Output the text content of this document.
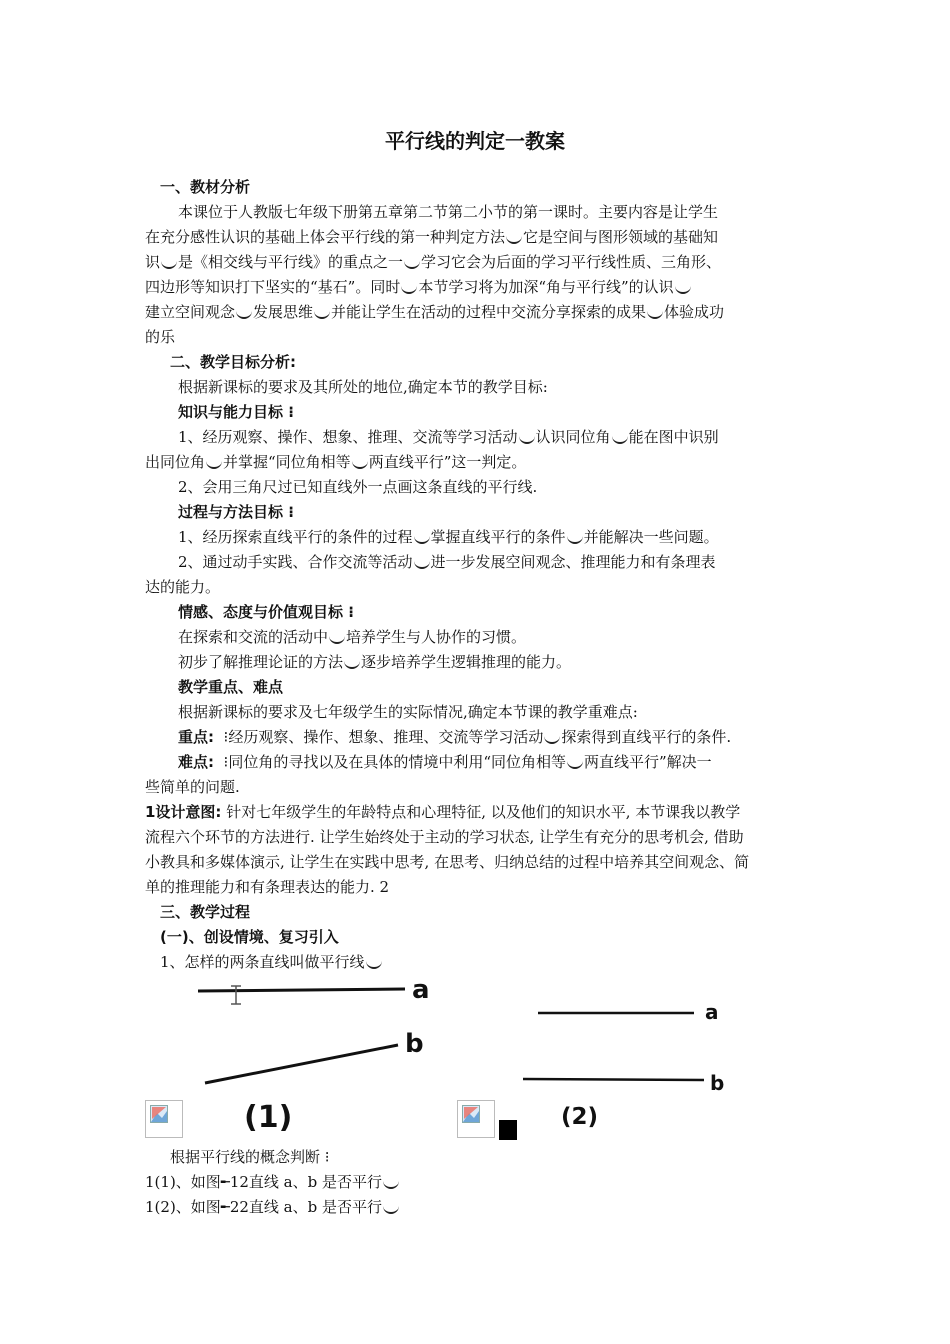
平行线的判定一教案
一、教材分析
本课位于人教版七年级下册第五章第二节第二小节的第一课时。主要内容是让学生
在充分感性认识的基础上体会平行线的第一种判定方法 它是空间与图形领域的基础知
识 是《相交线与平行线》的重点之一 学习它会为后面的学习平行线性质、三角形、
四边形等知识打下坚实的“基石”。同时 本节学习将为加深“角与平行线”的认识
建立空间观念 发展思维 并能让学生在活动的过程中交流分享探索的成果 体验成功
的乐
二、教学目标分析:
根据新课标的要求及其所处的地位,确定本节的教学目标:
知识与能力目标 ⁝
1、经历观察、操作、想象、推理、交流等学习活动 认识同位角 能在图中识别
出同位角 并掌握“同位角相等 两直线平行”这一判定。
2、会用三角尺过已知直线外一点画这条直线的平行线.
过程与方法目标 ⁝
1、经历探索直线平行的条件的过程 掌握直线平行的条件 并能解决一些问题。
2、通过动手实践、合作交流等活动 进一步发展空间观念、推理能力和有条理表
达的能力。
情感、态度与价值观目标 ⁝
在探索和交流的活动中 培养学生与人协作的习惯。
初步了解推理论证的方法 逐步培养学生逻辑推理的能力。
教学重点、难点
根据新课标的要求及七年级学生的实际情况,确定本节课的教学重难点:
重点: ⁝经历观察、操作、想象、推理、交流等学习活动 探索得到直线平行的条件.
难点: ⁝同位角的寻找以及在具体的情境中利用“同位角相等 两直线平行”解决一
些简单的问题.
1设计意图: 针对七年级学生的年龄特点和心理特征, 以及他们的知识水平, 本节课我以教学
流程六个环节的方法进行. 让学生始终处于主动的学习状态, 让学生有充分的思考机会, 借助
小教具和多媒体演示, 让学生在实践中思考, 在思考、归纳总结的过程中培养其空间观念、简
单的推理能力和有条理表达的能力. 2
三、教学过程
(一)、创设情境、复习引入
1、怎样的两条直线叫做平行线
a
b
(1)
a
b
(2)
根据平行线的概念判断 ⁝
1(1)、如图╾12直线 a、b 是否平行
1(2)、如图╾22直线 a、b 是否平行
